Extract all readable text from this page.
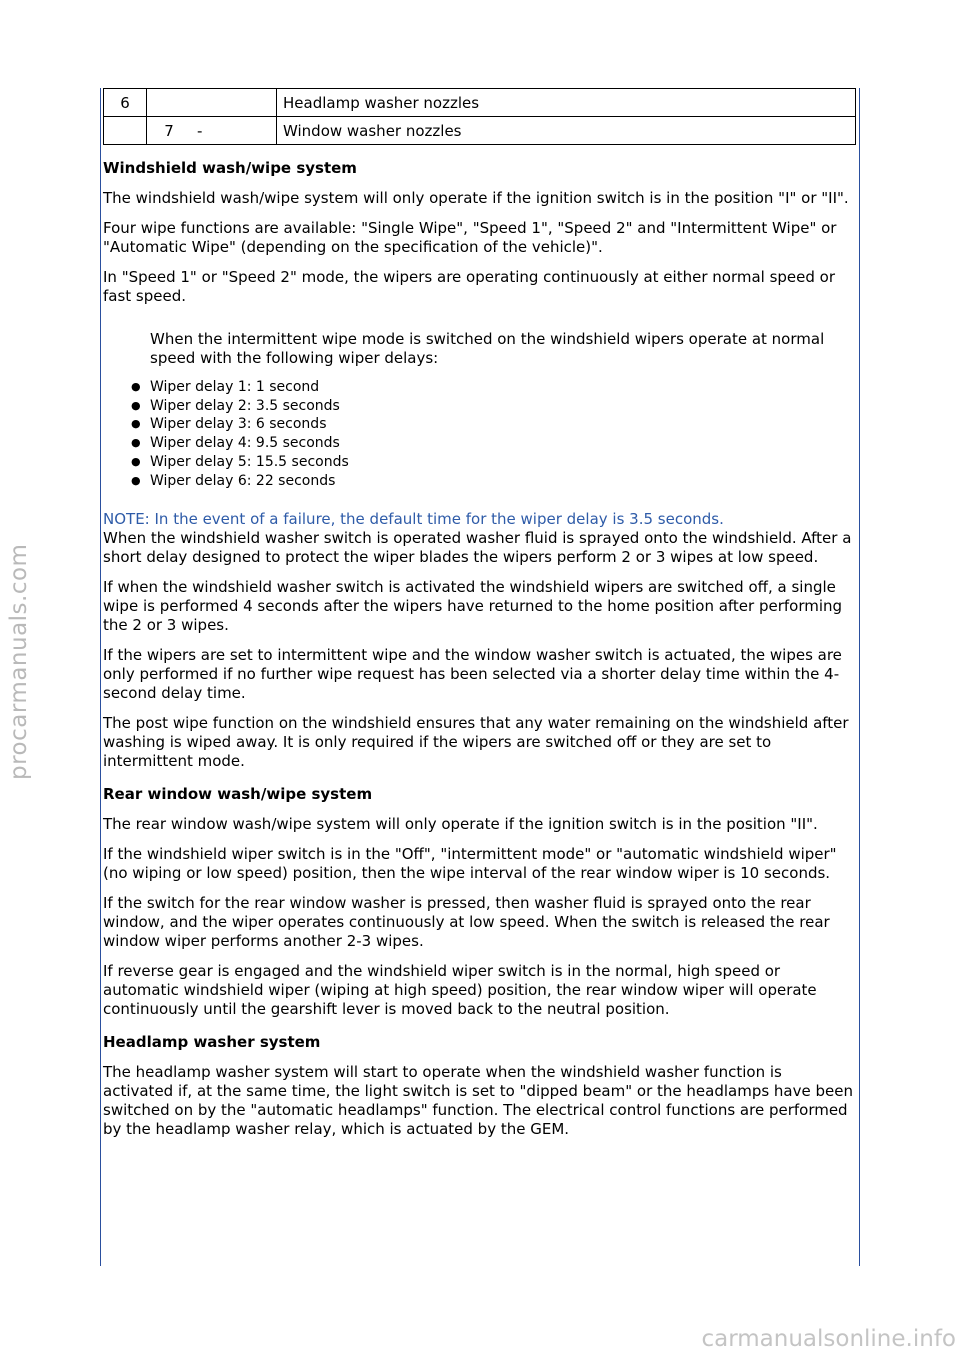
6		Headlamp washer nozzles
	7 -	Window washer nozzles
Windshield wash/wipe system

The windshield wash/wipe system will only operate if the ignition switch is in the position "I" or "II".

Four wipe functions are available: "Single Wipe", "Speed 1", "Speed 2" and "Intermittent Wipe" or "Automatic Wipe" (depending on the specification of the vehicle)".

In "Speed 1" or "Speed 2" mode, the wipers are operating continuously at either normal speed or fast speed.

When the intermittent wipe mode is switched on the windshield wipers operate at normal speed with the following wiper delays:

● Wiper delay 1: 1 second
● Wiper delay 2: 3.5 seconds
● Wiper delay 3: 6 seconds
● Wiper delay 4: 9.5 seconds
● Wiper delay 5: 15.5 seconds
● Wiper delay 6: 22 seconds

NOTE: In the event of a failure, the default time for the wiper delay is 3.5 seconds.

When the windshield washer switch is operated washer fluid is sprayed onto the windshield. After a short delay designed to protect the wiper blades the wipers perform 2 or 3 wipes at low speed.

If when the windshield washer switch is activated the windshield wipers are switched off, a single wipe is performed 4 seconds after the wipers have returned to the home position after performing the 2 or 3 wipes.

If the wipers are set to intermittent wipe and the window washer switch is actuated, the wipes are only performed if no further wipe request has been selected via a shorter delay time within the 4-second delay time.

The post wipe function on the windshield ensures that any water remaining on the windshield after washing is wiped away. It is only required if the wipers are switched off or they are set to intermittent mode.

Rear window wash/wipe system

The rear window wash/wipe system will only operate if the ignition switch is in the position "II".

If the windshield wiper switch is in the "Off", "intermittent mode" or "automatic windshield wiper" (no wiping or low speed) position, then the wipe interval of the rear window wiper is 10 seconds.

If the switch for the rear window washer is pressed, then washer fluid is sprayed onto the rear window, and the wiper operates continuously at low speed. When the switch is released the rear window wiper performs another 2-3 wipes.

If reverse gear is engaged and the windshield wiper switch is in the normal, high speed or automatic windshield wiper (wiping at high speed) position, the rear window wiper will operate continuously until the gearshift lever is moved back to the neutral position.

Headlamp washer system

The headlamp washer system will start to operate when the windshield washer function is activated if, at the same time, the light switch is set to "dipped beam" or the headlamps have been switched on by the "automatic headlamps" function. The electrical control functions are performed by the headlamp washer relay, which is actuated by the GEM.

procarmanuals.com
carmanualsonline.info
